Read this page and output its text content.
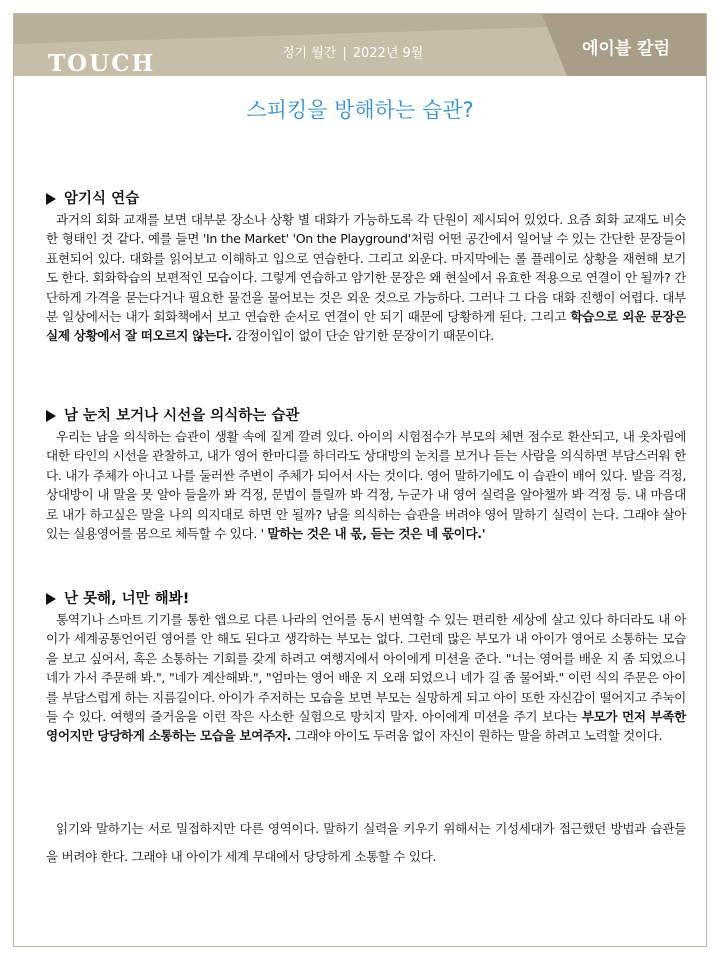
TOUCH	정기 월간 | 2022년 9월	에이블 칼럼
스피킹을 방해하는 습관?
암기식 연습

과거의 회화 교재를 보면 대부분 장소나 상황 별 대화가 가능하도록 각 단원이 제시되어 있었다. 요즘 회화 교재도 비슷한 형태인 것 같다. 예를 들면 'In the Market' 'On the Playground'처럼 어떤 공간에서 일어날 수 있는 간단한 문장들이 표현되어 있다. 대화를 읽어보고 이해하고 입으로 연습한다. 그리고 외운다. 마지막에는 롤 플레이로 상황을 재현해 보기도 한다. 회화학습의 보편적인 모습이다. 그렇게 연습하고 암기한 문장은 왜 현실에서 유효한 적용으로 연결이 안 될까? 간단하게 가격을 묻는다거나 필요한 물건을 물어보는 것은 외운 것으로 가능하다. 그러나 그 다음 대화 진행이 어렵다. 대부분 일상에서는 내가 회화책에서 보고 연습한 순서로 연결이 안 되기 때문에 당황하게 된다. 그리고 학습으로 외운 문장은 실제 상황에서 잘 떠오르지 않는다. 감정이입이 없이 단순 암기한 문장이기 때문이다.

남 눈치 보거나 시선을 의식하는 습관

우리는 남을 의식하는 습관이 생활 속에 짙게 깔려 있다. 아이의 시험점수가 부모의 체면 점수로 환산되고, 내 옷차림에 대한 타인의 시선을 관찰하고, 내가 영어 한마디를 하더라도 상대방의 눈치를 보거나 듣는 사람을 의식하면 부담스러워 한다. 내가 주체가 아니고 나를 둘러싼 주변이 주체가 되어서 사는 것이다. 영어 말하기에도 이 습관이 배어 있다. 발음 걱정, 상대방이 내 말을 못 알아 들을까 봐 걱정, 문법이 틀릴까 봐 걱정, 누군가 내 영어 실력을 알아챌까 봐 걱정 등. 내 마음대로 내가 하고싶은 말을 나의 의지대로 하면 안 될까? 남을 의식하는 습관을 버려야 영어 말하기 실력이 는다. 그래야 살아있는 실용영어를 몸으로 체득할 수 있다. ' 말하는 것은 내 몫, 듣는 것은 네 몫이다.'

난 못해, 너만 해봐!

통역기나 스마트 기기를 통한 앱으로 다른 나라의 언어를 동시 번역할 수 있는 편리한 세상에 살고 있다 하더라도 내 아이가 세계공통언어린 영어를 안 해도 된다고 생각하는 부모는 없다. 그런데 많은 부모가 내 아이가 영어로 소통하는 모습을 보고 싶어서, 혹은 소통하는 기회를 갖게 하려고 여행지에서 아이에게 미션을 준다. "너는 영어를 배운 지 좀 되었으니 네가 가서 주문해 봐.", "네가 계산해봐.", "엄마는 영어 배운 지 오래 되었으니 네가 길 좀 물어봐." 이런 식의 주문은 아이를 부담스럽게 하는 지름길이다. 아이가 주저하는 모습을 보면 부모는 실망하게 되고 아이 또한 자신감이 떨어지고 주눅이 들 수 있다. 여행의 즐거움을 이런 작은 사소한 실험으로 망치지 말자. 아이에게 미션을 주기 보다는 부모가 먼저 부족한 영어지만 당당하게 소통하는 모습을 보여주자. 그래야 아이도 두려움 없이 자신이 원하는 말을 하려고 노력할 것이다.

읽기와 말하기는 서로 밀접하지만 다른 영역이다. 말하기 실력을 키우기 위해서는 기성세대가 접근했던 방법과 습관들을 버려야 한다. 그래야 내 아이가 세계 무대에서 당당하게 소통할 수 있다.
